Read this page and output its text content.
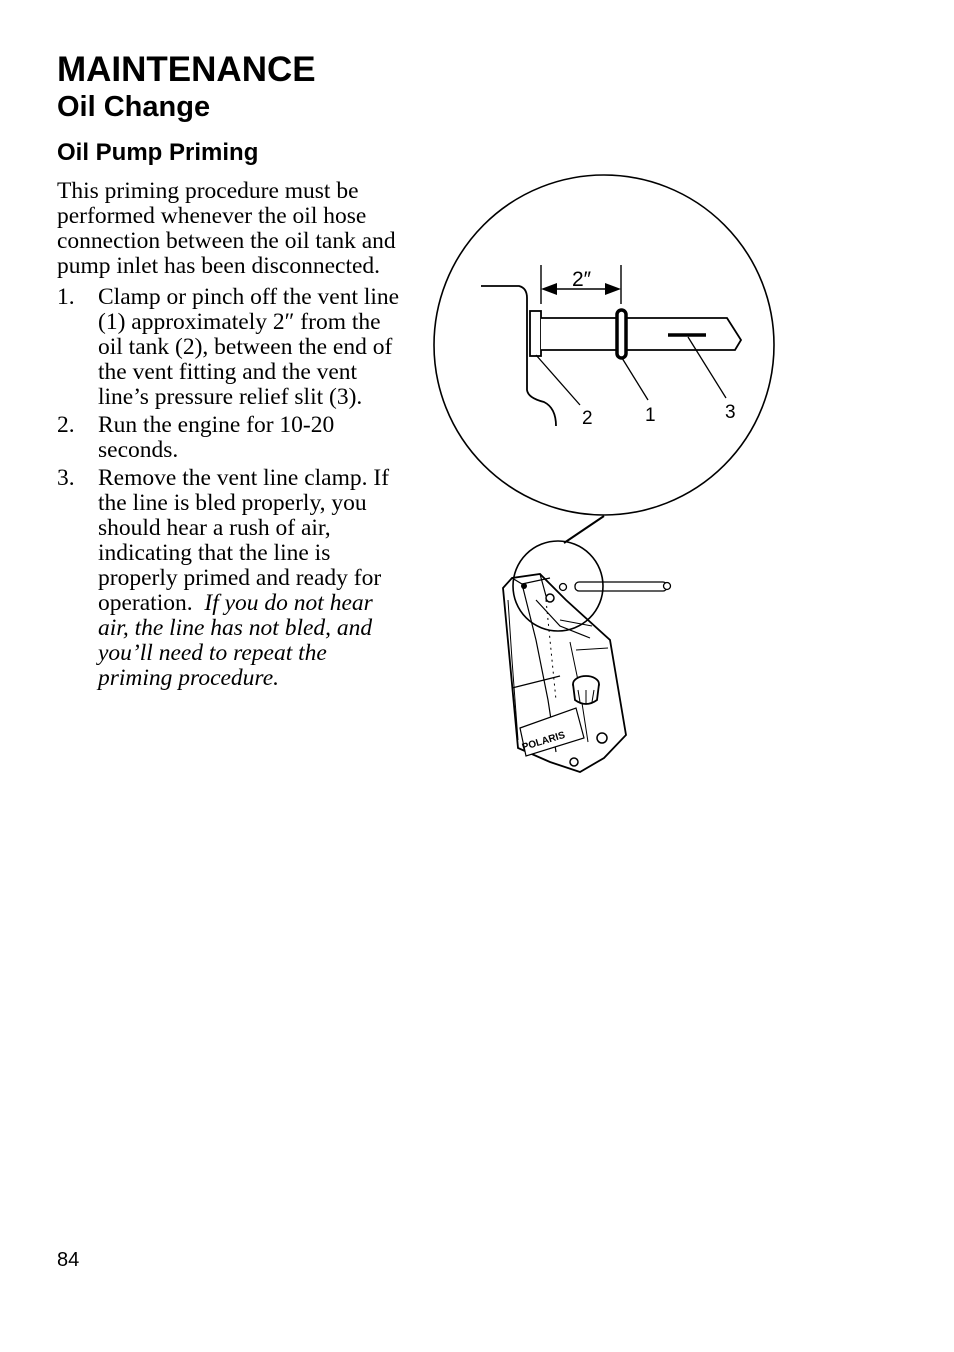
MAINTENANCE
Oil Change
Oil Pump Priming

This priming procedure must be performed whenever the oil hose connection between the oil tank and pump inlet has been disconnected.

1. Clamp or pinch off the vent line (1) approximately 2″ from the oil tank (2), between the end of the vent fitting and the vent line’s pressure relief slit (3).
2. Run the engine for 10-20 seconds.
3. Remove the vent line clamp. If the line is bled properly, you should hear a rush of air, indicating that the line is properly primed and ready for operation. If you do not hear air, the line has not bled, and you’ll need to repeat the priming procedure.
2″
2	1	3
POLARIS
84
